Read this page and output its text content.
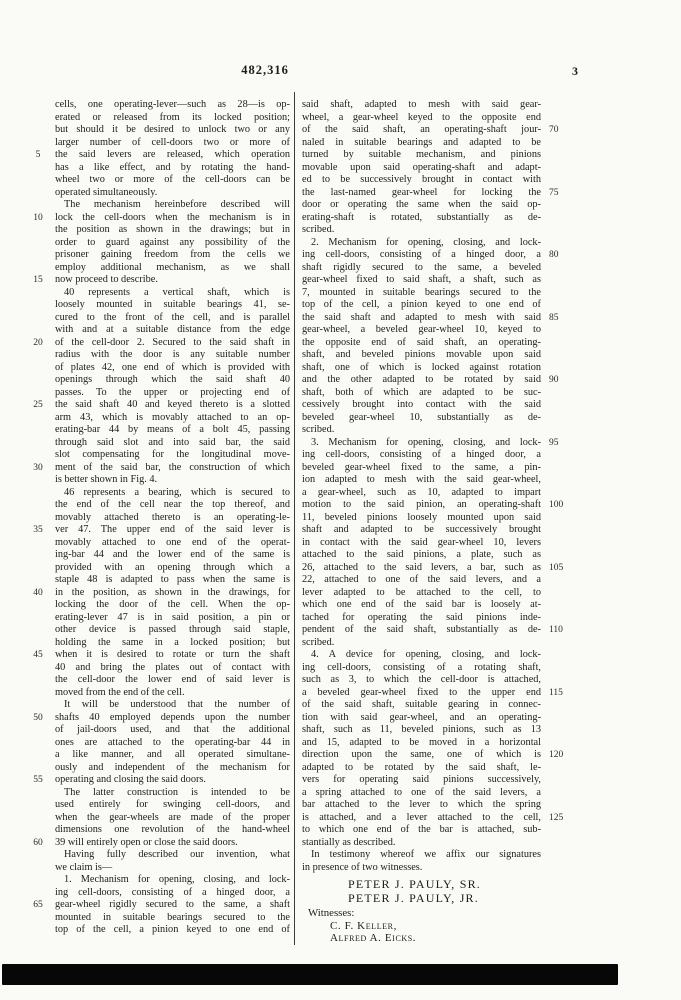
482,316	3
cells, one operating-lever—such as 28—is op-
erated or released from its locked position;
but should it be desired to unlock two or any
larger number of cell-doors two or more of
5	the said levers are released, which operation
has a like effect, and by rotating the hand-
wheel two or more of the cell-doors can be
operated simultaneously.
The mechanism hereinbefore described will
10	lock the cell-doors when the mechanism is in
the position as shown in the drawings; but in
order to guard against any possibility of the
prisoner gaining freedom from the cells we
employ additional mechanism, as we shall
15	now proceed to describe.
40 represents a vertical shaft, which is
loosely mounted in suitable bearings 41, se-
cured to the front of the cell, and is parallel
with and at a suitable distance from the edge
20	of the cell-door 2. Secured to the said shaft in
radius with the door is any suitable number
of plates 42, one end of which is provided with
openings through which the said shaft 40
passes. To the upper or projecting end of
25	the said shaft 40 and keyed thereto is a slotted
arm 43, which is movably attached to an op-
erating-bar 44 by means of a bolt 45, passing
through said slot and into said bar, the said
slot compensating for the longitudinal move-
30	ment of the said bar, the construction of which
is better shown in Fig. 4.
46 represents a bearing, which is secured to
the end of the cell near the top thereof, and
movably attached thereto is an operating-le-
35	ver 47. The upper end of the said lever is
movably attached to one end of the operat-
ing-bar 44 and the lower end of the same is
provided with an opening through which a
staple 48 is adapted to pass when the same is
40	in the position, as shown in the drawings, for
locking the door of the cell. When the op-
erating-lever 47 is in said position, a pin or
other device is passed through said staple,
holding the same in a locked position; but
45	when it is desired to rotate or turn the shaft
40 and bring the plates out of contact with
the cell-door the lower end of said lever is
moved from the end of the cell.
It will be understood that the number of
50	shafts 40 employed depends upon the number
of jail-doors used, and that the additional
ones are attached to the operating-bar 44 in
a like manner, and all operated simultane-
ously and independent of the mechanism for
55	operating and closing the said doors.
The latter construction is intended to be
used entirely for swinging cell-doors, and
when the gear-wheels are made of the proper
dimensions one revolution of the hand-wheel
60	39 will entirely open or close the said doors.
Having fully described our invention, what
we claim is—
1. Mechanism for opening, closing, and lock-
ing cell-doors, consisting of a hinged door, a
65	gear-wheel rigidly secured to the same, a shaft
mounted in suitable bearings secured to the
top of the cell, a pinion keyed to one end of
said shaft, adapted to mesh with said gear-
wheel, a gear-wheel keyed to the opposite end
70
of the said shaft, an operating-shaft jour-
naled in suitable bearings and adapted to be
turned by suitable mechanism, and pinions
movable upon said operating-shaft and adapt-
ed to be successively brought in contact with
75
the last-named gear-wheel for locking the
door or operating the same when the said op-
erating-shaft is rotated, substantially as de-
scribed.
2. Mechanism for opening, closing, and lock-
80
ing cell-doors, consisting of a hinged door, a
shaft rigidly secured to the same, a beveled
gear-wheel fixed to said shaft, a shaft, such as
7, mounted in suitable bearings secured to the
top of the cell, a pinion keyed to one end of
85
the said shaft and adapted to mesh with said
gear-wheel, a beveled gear-wheel 10, keyed to
the opposite end of said shaft, an operating-
shaft, and beveled pinions movable upon said
shaft, one of which is locked against rotation
90
and the other adapted to be rotated by said
shaft, both of which are adapted to be suc-
cessively brought into contact with the said
beveled gear-wheel 10, substantially as de-
scribed.
95
3. Mechanism for opening, closing, and lock-
ing cell-doors, consisting of a hinged door, a
beveled gear-wheel fixed to the same, a pin-
ion adapted to mesh with the said gear-wheel,
a gear-wheel, such as 10, adapted to impart
100
motion to the said pinion, an operating-shaft
11, beveled pinions loosely mounted upon said
shaft and adapted to be successively brought
in contact with the said gear-wheel 10, levers
attached to the said pinions, a plate, such as
105
26, attached to the said levers, a bar, such as
22, attached to one of the said levers, and a
lever adapted to be attached to the cell, to
which one end of the said bar is loosely at-
tached for operating the said pinions inde-
110
pendent of the said shaft, substantially as de-
scribed.
4. A device for opening, closing, and lock-
ing cell-doors, consisting of a rotating shaft,
such as 3, to which the cell-door is attached,
115
a beveled gear-wheel fixed to the upper end
of the said shaft, suitable gearing in connec-
tion with said gear-wheel, and an operating-
shaft, such as 11, beveled pinions, such as 13
and 15, adapted to be moved in a horizontal
120
direction upon the same, one of which is
adapted to be rotated by the said shaft, le-
vers for operating said pinions successively,
a spring attached to one of the said levers, a
bar attached to the lever to which the spring
125
is attached, and a lever attached to the cell,
to which one end of the bar is attached, sub-
stantially as described.
In testimony whereof we affix our signatures
in presence of two witnesses.
PETER J. PAULY, SR.
PETER J. PAULY, JR.
Witnesses:
C. F. Keller,
Alfred A. Eicks.
